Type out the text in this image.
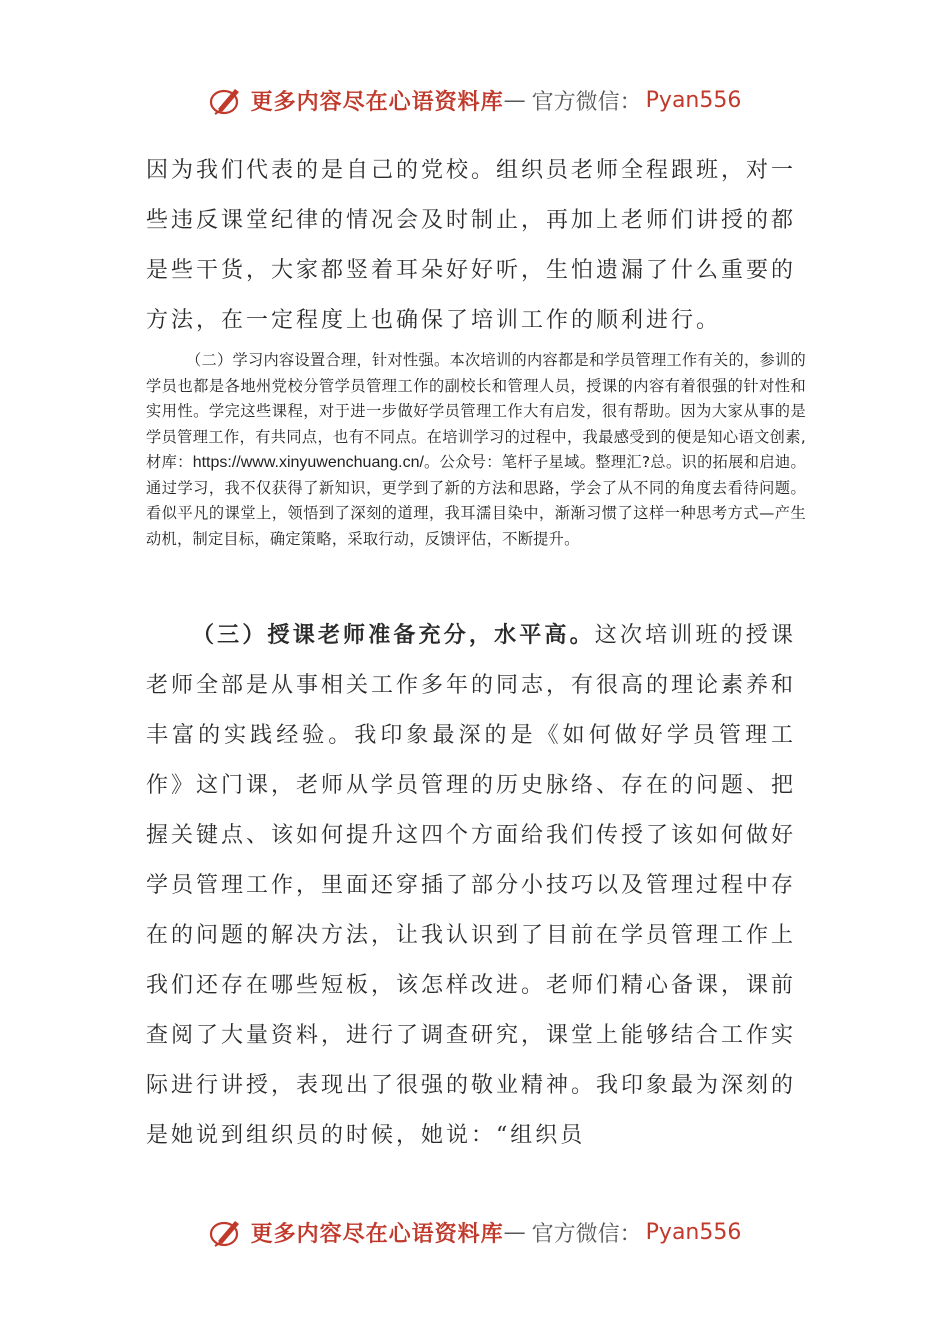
更多内容尽在心语资料库 — 官方微信： Pyan556
因为我们代表的是自己的党校。组织员老师全程跟班，对一些违反课堂纪律的情况会及时制止，再加上老师们讲授的都是些干货，大家都竖着耳朵好好听，生怕遗漏了什么重要的方法，在一定程度上也确保了培训工作的顺利进行。
（二）学习内容设置合理，针对性强。本次培训的内容都是和学员管理工作有关的，参训的学员也都是各地州党校分管学员管理工作的副校长和管理人员，授课的内容有着很强的针对性和实用性。学完这些课程，对于进一步做好学员管理工作大有启发，很有帮助。因为大家从事的是学员管理工作，有共同点，也有不同点。在培训学习的过程中，我最感受到的便是知心语文创素,材库：https://www.xinyuwenchuang.cn/。公众号：笔杆子星域。整理汇?总。识的拓展和启迪。通过学习，我不仅获得了新知识，更学到了新的方法和思路，学会了从不同的角度去看待问题。看似平凡的课堂上，领悟到了深刻的道理，我耳濡目染中，渐渐习惯了这样一种思考方式—产生动机，制定目标，确定策略，采取行动，反馈评估，不断提升。
（三）授课老师准备充分，水平高。这次培训班的授课老师全部是从事相关工作多年的同志，有很高的理论素养和丰富的实践经验。我印象最深的是《如何做好学员管理工作》这门课，老师从学员管理的历史脉络、存在的问题、把握关键点、该如何提升这四个方面给我们传授了该如何做好学员管理工作，里面还穿插了部分小技巧以及管理过程中存在的问题的解决方法，让我认识到了目前在学员管理工作上我们还存在哪些短板，该怎样改进。老师们精心备课，课前查阅了大量资料，进行了调查研究，课堂上能够结合工作实际进行讲授，表现出了很强的敬业精神。我印象最为深刻的是她说到组织员的时候，她说：“组织员
更多内容尽在心语资料库 — 官方微信： Pyan556
